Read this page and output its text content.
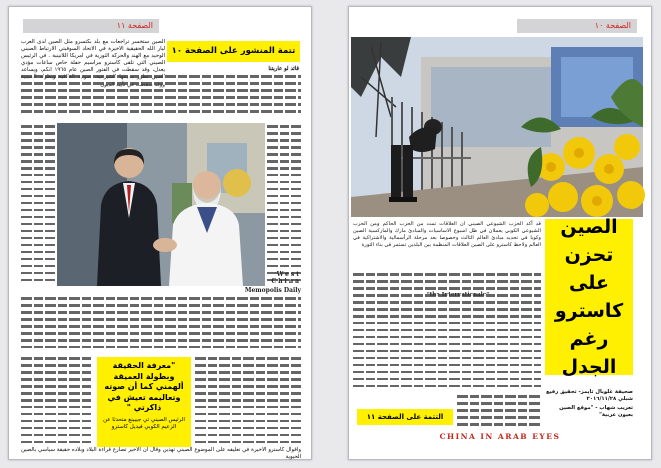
الصفحة ١١
الصين ستخسر تراجعات مع بلد بكتسرو مثل الصين لدى العرب ليار الله الحقيقية الاخيرة في الاتحاد السوفيتي الارتباط الصيني الوحيد مع الهند والحركة الثورية في امريكا اللاتينية . في الرئيس الصيني التي تلقى كاسترو مراسيم حفلة حاص ساعات مؤدي يعدل، وقد سقطت في الفتور الصين عام ١٩٦٥ انكم، ويساعد
تتمة المنشور على الصفحة ١٠
قائد لو عاريتنا
Memopolis Daily
West China
"معرفة الحقيقة وبطولة العميقة ألهمني كما أن صوته وتعاليمه تعيش في ذاكرتي "
الرئيس الصيني تي جيبينغ متحدثا عن الزعيم الكوبي فيديل كاسترو
واقوال كاسترو الاخيرة في تعليقه على الموضوع الصيني تهذين وقال ان الاخير تصارع قراءة البلاد وبلاده حقيقة سياسي بالصين الحيوية
الصفحة ١٠
قد أكد الحزب الشيوعي الصيني ان العلاقات تمت من الحزب الحاكم ومن الحزب الشيوعي الكوبي يعملان في ظل اسبوع الاساسيات والمبادئ مارك والماركسية الصين وكوبا في تحديد مبادئ العالم الثالث وخصوصا بعد مرحلة الرأسمالية والاشتراكية في العالم ولاحظ كاسترو على الصين العلاقات المنظمة بين البلدين تستمر في بناء الثورة
الصين تحزن على كاسترو رغم الجدل
صحيفة غلوبال تايمز- تحقيق رفيع شبلي ٢٠١٦/١١/٢٨
تعريب شهاب - "موقع الصين بعيون عربية"
التتمة على الصفحة ١١
CHINA IN ARAB EYES
